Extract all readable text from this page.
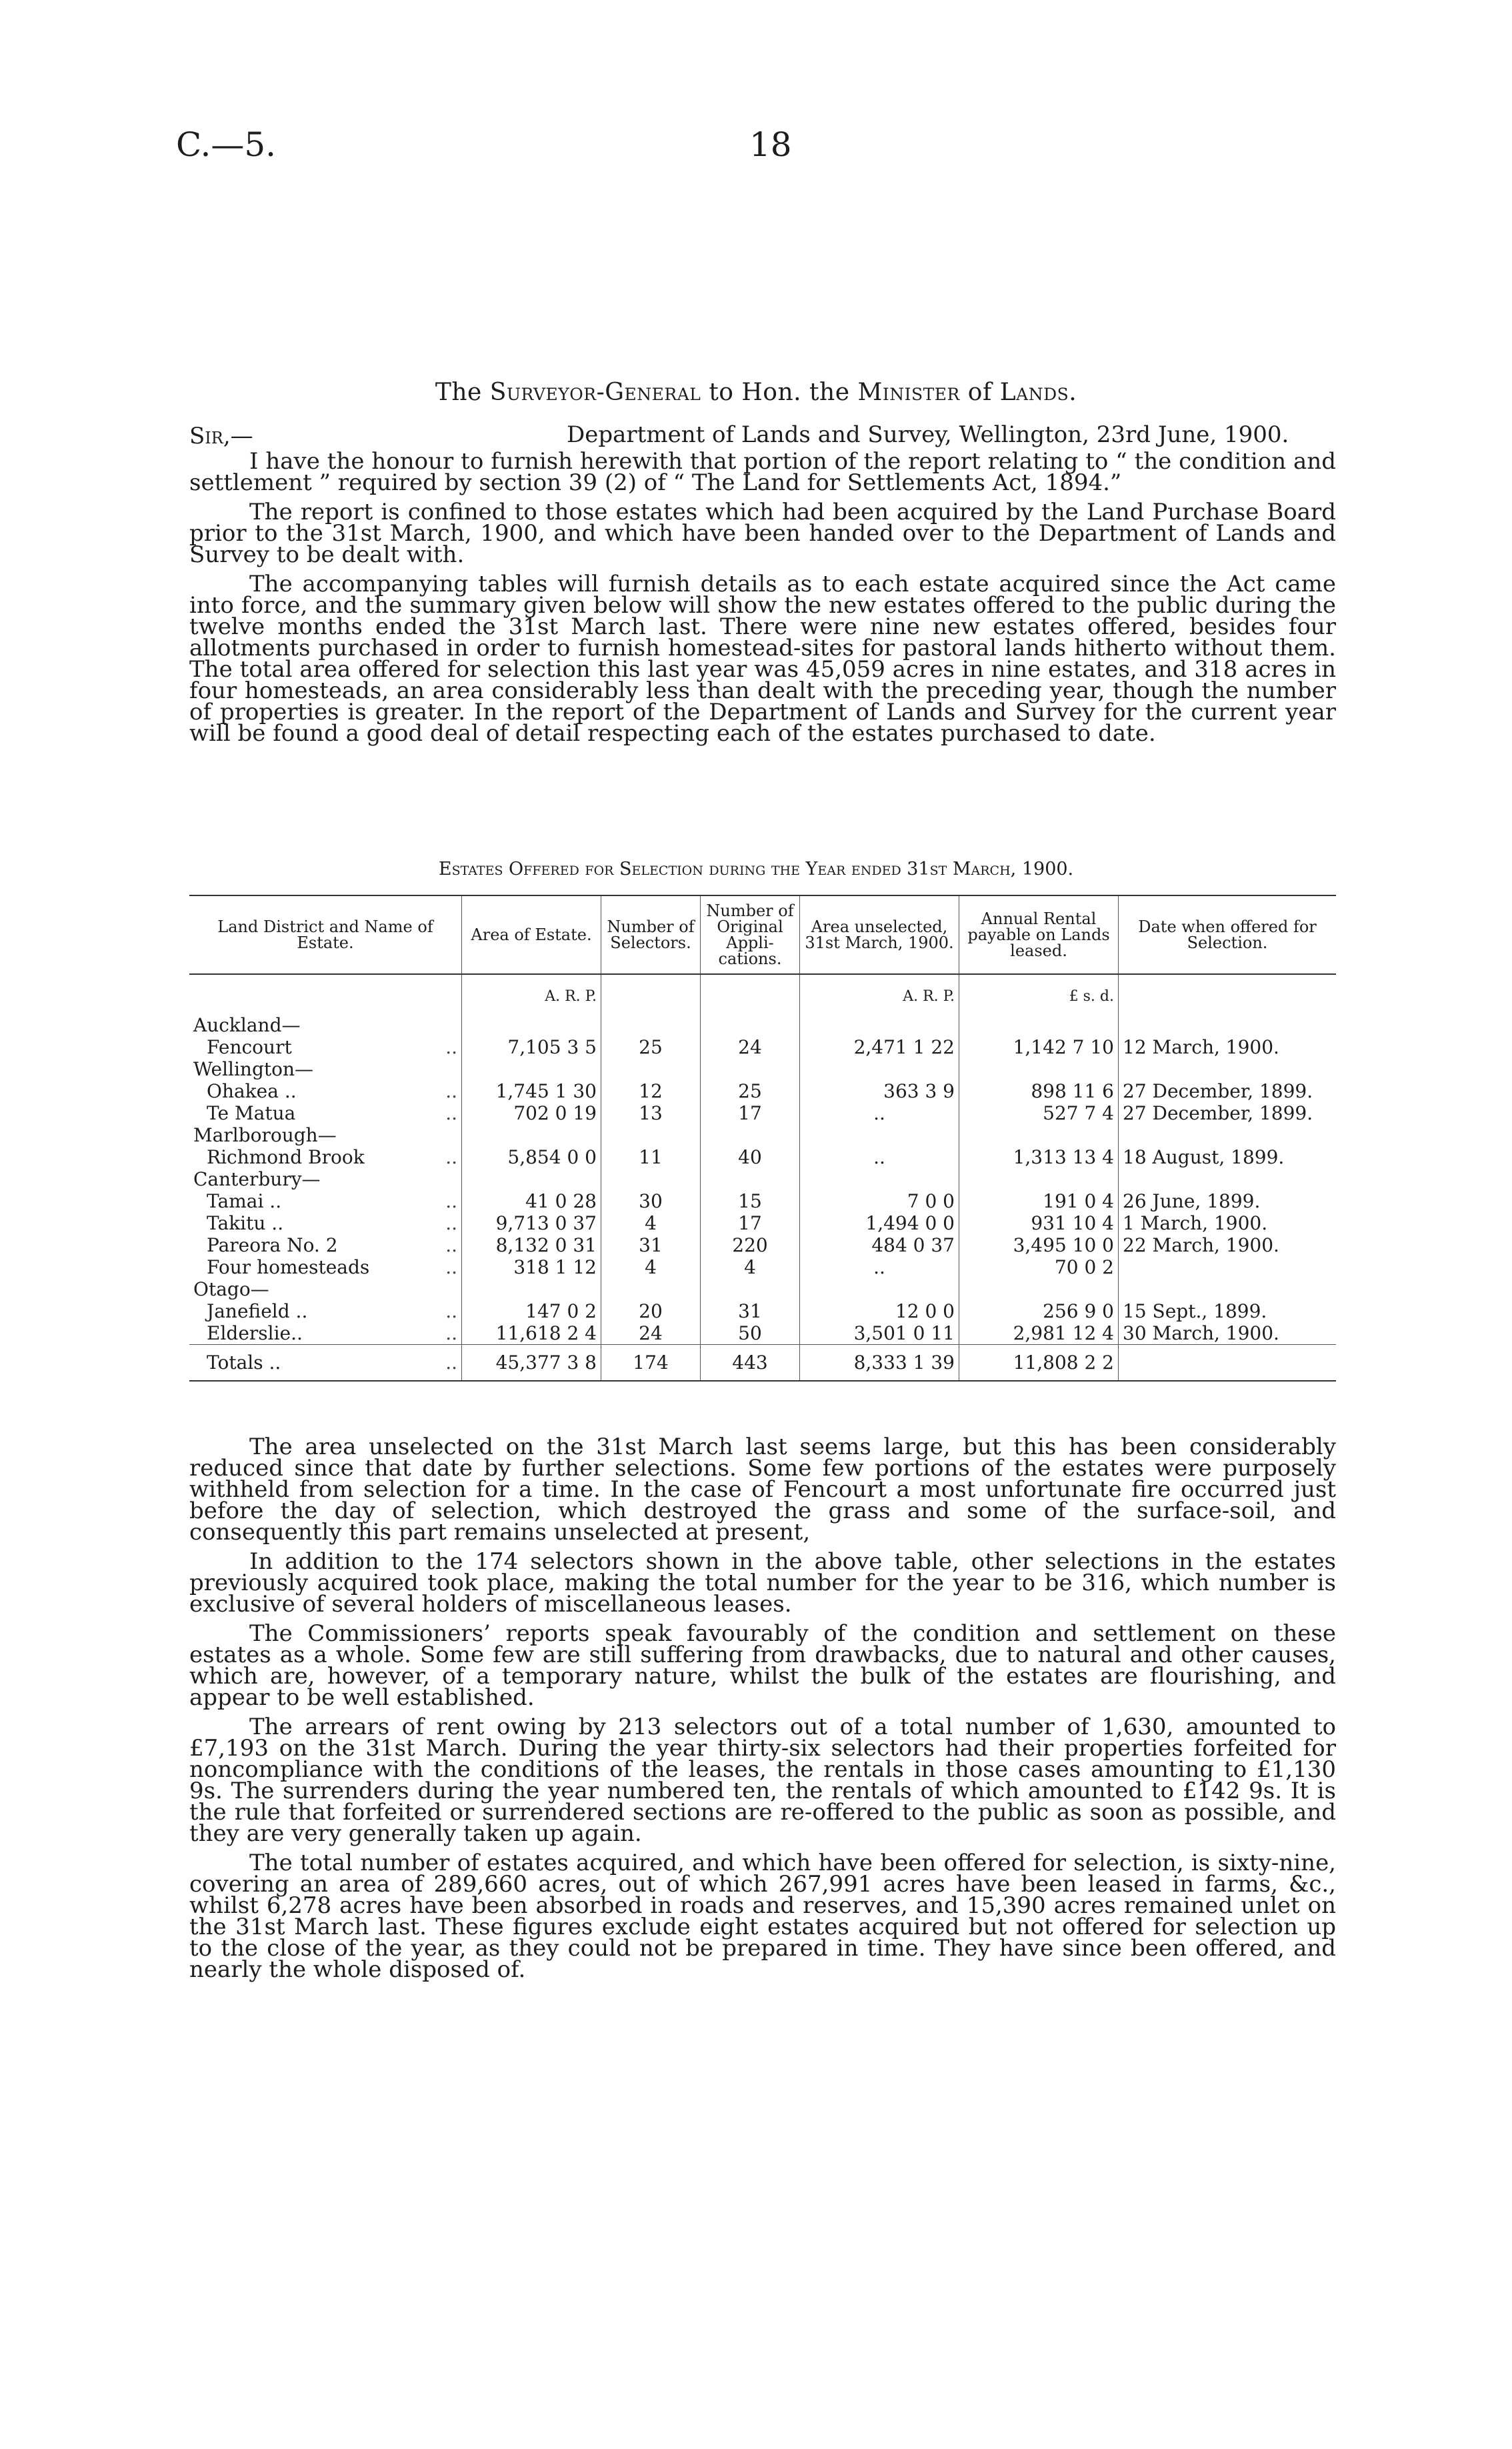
C.—5.	18
The Surveyor-General to Hon. the Minister of Lands.
Sir,—	Department of Lands and Survey, Wellington, 23rd June, 1900.

I have the honour to furnish herewith that portion of the report relating to “ the condition and settlement ” required by section 39 (2) of “ The Land for Settlements Act, 1894.”

The report is confined to those estates which had been acquired by the Land Purchase Board prior to the 31st March, 1900, and which have been handed over to the Department of Lands and Survey to be dealt with.

The accompanying tables will furnish details as to each estate acquired since the Act came into force, and the summary given below will show the new estates offered to the public during the twelve months ended the 31st March last. There were nine new estates offered, besides four allotments purchased in order to furnish homestead-sites for pastoral lands hitherto without them. The total area offered for selection this last year was 45,059 acres in nine estates, and 318 acres in four homesteads, an area considerably less than dealt with the preceding year, though the number of properties is greater. In the report of the Department of Lands and Survey for the current year will be found a good deal of detail respecting each of the estates purchased to date.

Estates Offered for Selection during the Year ended 31st March, 1900.
Land District and Name of Estate.	Area of Estate.	Number of Selectors.	Number of Original Appli- cations.	Area unselected, 31st March, 1900.	Annual Rental payable on Lands leased.	Date when offered for Selection.
	A. R. P.			A. R. P.	£ s. d.	
Auckland—						
Fencourt ..	7,105 3 5	25	24	2,471 1 22	1,142 7 10	12 March, 1900.
Wellington—						
Ohakea .. ..	1,745 1 30	12	25	363 3 9	898 11 6	27 December, 1899.
Te Matua ..	702 0 19	13	17	..	527 7 4	27 December, 1899.
Marlborough—						
Richmond Brook ..	5,854 0 0	11	40	..	1,313 13 4	18 August, 1899.
Canterbury—						
Tamai .. ..	41 0 28	30	15	7 0 0	191 0 4	26 June, 1899.
Takitu .. ..	9,713 0 37	4	17	1,494 0 0	931 10 4	1 March, 1900.
Pareora No. 2 ..	8,132 0 31	31	220	484 0 37	3,495 10 0	22 March, 1900.
Four homesteads ..	318 1 12	4	4	..	70 0 2	
Otago—						
Janefield .. ..	147 0 2	20	31	12 0 0	256 9 0	15 Sept., 1899.
Elderslie.. ..	11,618 2 4	24	50	3,501 0 11	2,981 12 4	30 March, 1900.
Totals .. ..	45,377 3 8	174	443	8,333 1 39	11,808 2 2	

The area unselected on the 31st March last seems large, but this has been considerably reduced since that date by further selections. Some few portions of the estates were purposely withheld from selection for a time. In the case of Fencourt a most unfortunate fire occurred just before the day of selection, which destroyed the grass and some of the surface-soil, and consequently this part remains unselected at present,

In addition to the 174 selectors shown in the above table, other selections in the estates previously acquired took place, making the total number for the year to be 316, which number is exclusive of several holders of miscellaneous leases.

The Commissioners’ reports speak favourably of the condition and settlement on these estates as a whole. Some few are still suffering from drawbacks, due to natural and other causes, which are, however, of a temporary nature, whilst the bulk of the estates are flourishing, and appear to be well established.

The arrears of rent owing by 213 selectors out of a total number of 1,630, amounted to £7,193 on the 31st March. During the year thirty-six selectors had their properties forfeited for noncompliance with the conditions of the leases, the rentals in those cases amounting to £1,130 9s. The surrenders during the year numbered ten, the rentals of which amounted to £142 9s. It is the rule that forfeited or surrendered sections are re-offered to the public as soon as possible, and they are very generally taken up again.

The total number of estates acquired, and which have been offered for selection, is sixty-nine, covering an area of 289,660 acres, out of which 267,991 acres have been leased in farms, &c., whilst 6,278 acres have been absorbed in roads and reserves, and 15,390 acres remained unlet on the 31st March last. These figures exclude eight estates acquired but not offered for selection up to the close of the year, as they could not be prepared in time. They have since been offered, and nearly the whole disposed of.
